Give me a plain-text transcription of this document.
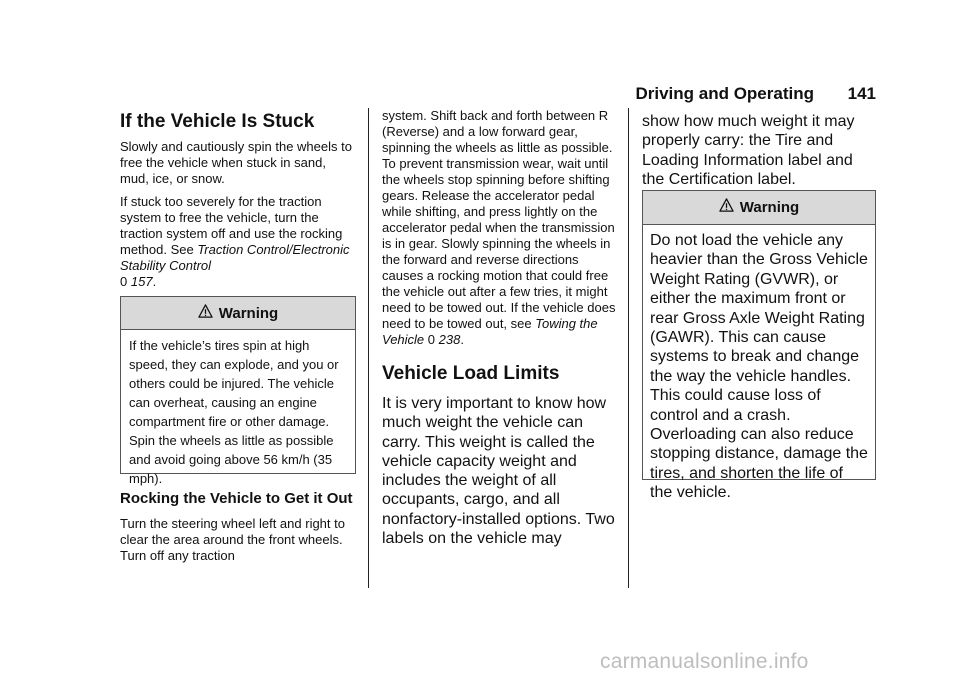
Driving and Operating 141
If the Vehicle Is Stuck

Slowly and cautiously spin the wheels to free the vehicle when stuck in sand, mud, ice, or snow.

If stuck too severely for the traction system to free the vehicle, turn the traction system off and use the rocking method. See Traction Control/Electronic Stability Control
0 157.

Warning
If the vehicle’s tires spin at high speed, they can explode, and you or others could be injured. The vehicle can overheat, causing an engine compartment fire or other damage. Spin the wheels as little as possible and avoid going above 56 km/h (35 mph).
Rocking the Vehicle to Get it Out

Turn the steering wheel left and right to clear the area around the front wheels. Turn off any traction

system. Shift back and forth between R (Reverse) and a low forward gear, spinning the wheels as little as possible. To prevent transmission wear, wait until the wheels stop spinning before shifting gears. Release the accelerator pedal while shifting, and press lightly on the accelerator pedal when the transmission is in gear. Slowly spinning the wheels in the forward and reverse directions causes a rocking motion that could free the vehicle out after a few tries, it might need to be towed out. If the vehicle does need to be towed out, see Towing the Vehicle 0 238.

Vehicle Load Limits

It is very important to know how much weight the vehicle can carry. This weight is called the vehicle capacity weight and includes the weight of all occupants, cargo, and all nonfactory-installed options. Two labels on the vehicle may

show how much weight it may properly carry: the Tire and Loading Information label and the Certification label.

Warning
Do not load the vehicle any heavier than the Gross Vehicle Weight Rating (GVWR), or either the maximum front or rear Gross Axle Weight Rating (GAWR). This can cause systems to break and change the way the vehicle handles. This could cause loss of control and a crash. Overloading can also reduce stopping distance, damage the tires, and shorten the life of the vehicle.
carmanualsonline.info
